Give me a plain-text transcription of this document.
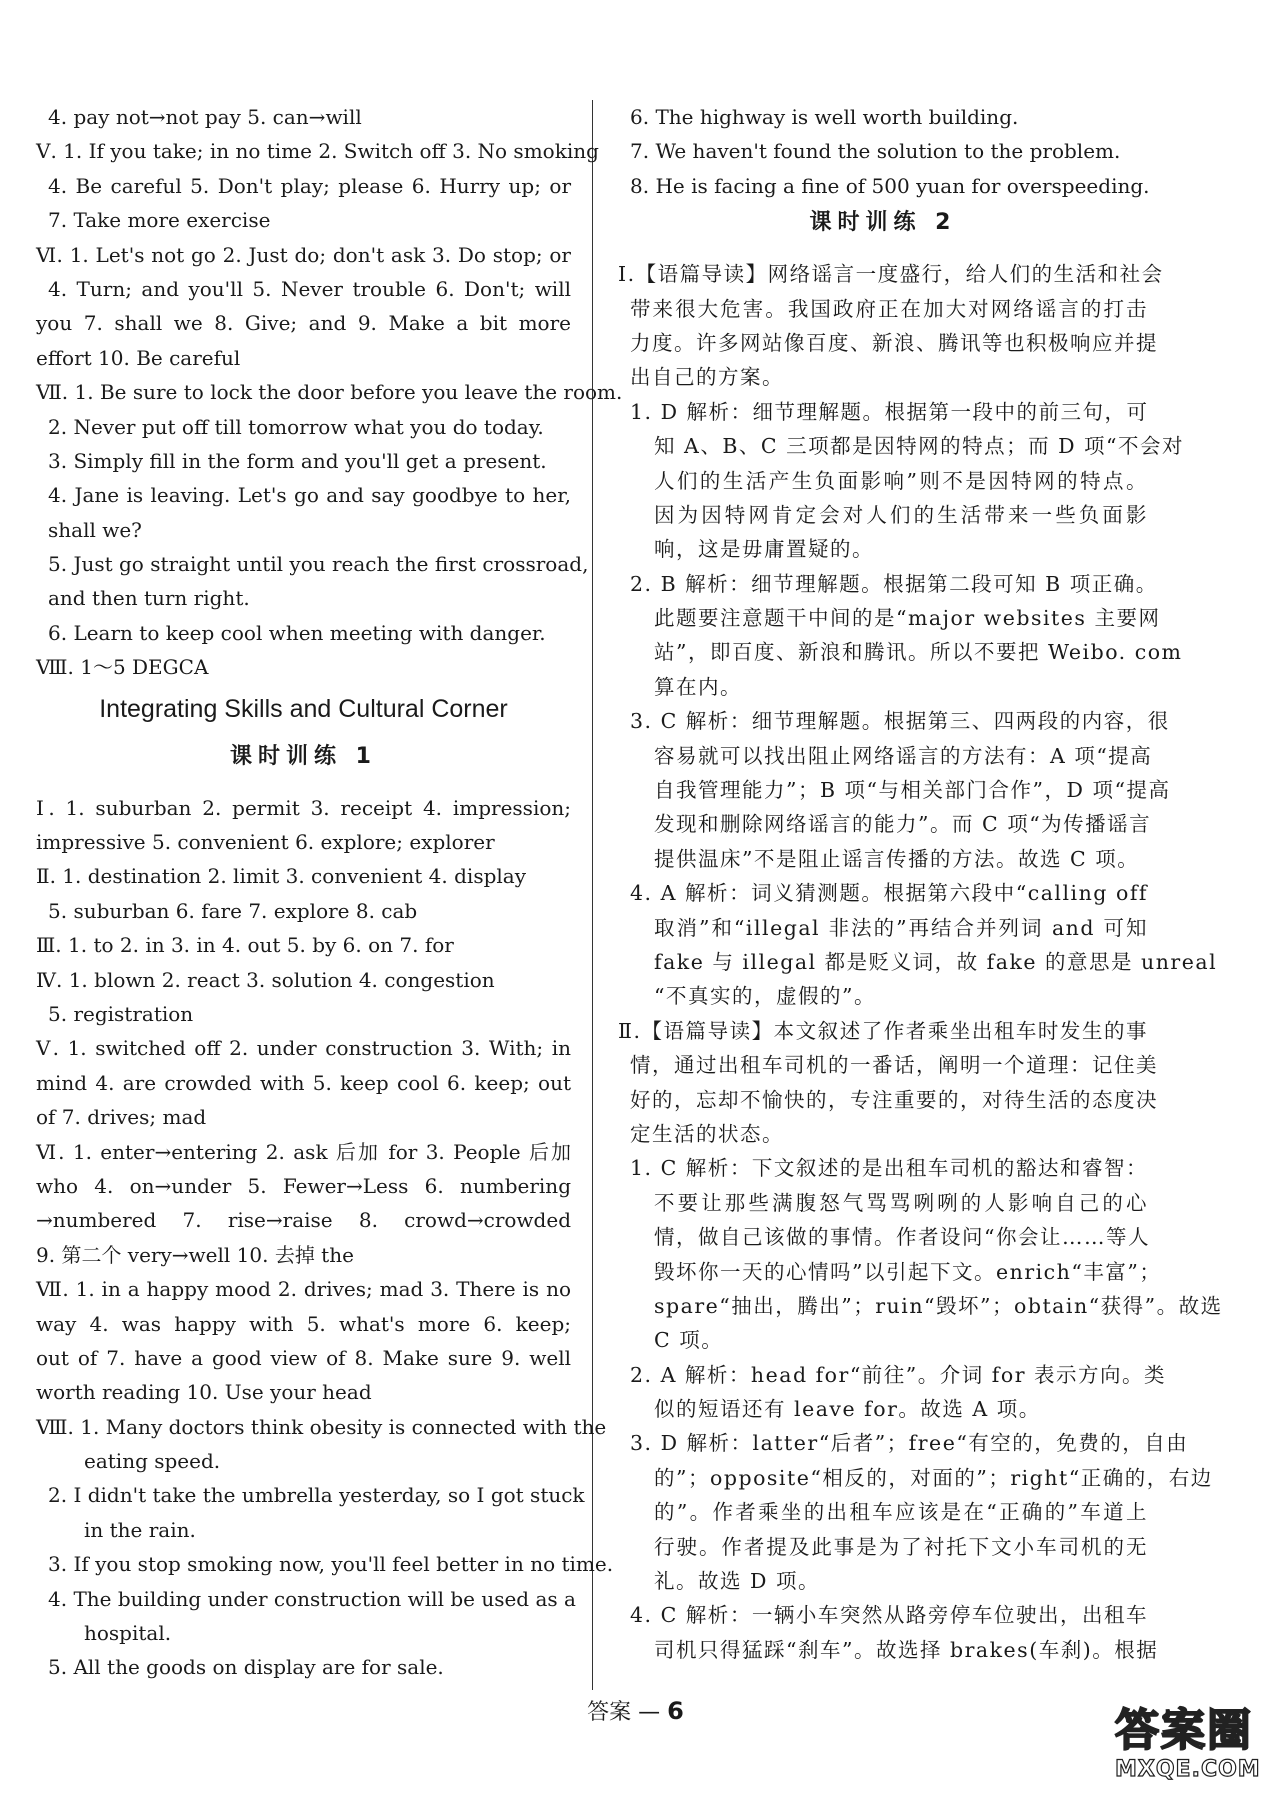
4. pay not→not pay 5. can→will
Ⅴ. 1. If you take; in no time 2. Switch off 3. No smoking
4. Be careful 5. Don't play; please 6. Hurry up; or
7. Take more exercise
Ⅵ. 1. Let's not go 2. Just do; don't ask 3. Do stop; or
4. Turn; and you'll 5. Never trouble 6. Don't; will
you 7. shall we 8. Give; and 9. Make a bit more
effort 10. Be careful
Ⅶ. 1. Be sure to lock the door before you leave the room.
2. Never put off till tomorrow what you do today.
3. Simply fill in the form and you'll get a present.
4. Jane is leaving. Let's go and say goodbye to her,
shall we?
5. Just go straight until you reach the first crossroad,
and then turn right.
6. Learn to keep cool when meeting with danger.
Ⅷ. 1～5 DEGCA
Integrating Skills and Cultural Corner
课时训练 1
Ⅰ. 1. suburban 2. permit 3. receipt 4. impression;
impressive 5. convenient 6. explore; explorer
Ⅱ. 1. destination 2. limit 3. convenient 4. display
5. suburban 6. fare 7. explore 8. cab
Ⅲ. 1. to 2. in 3. in 4. out 5. by 6. on 7. for
Ⅳ. 1. blown 2. react 3. solution 4. congestion
5. registration
Ⅴ. 1. switched off 2. under construction 3. With; in
mind 4. are crowded with 5. keep cool 6. keep; out
of 7. drives; mad
Ⅵ. 1. enter→entering 2. ask 后加 for 3. People 后加
who 4. on→under 5. Fewer→Less 6. numbering
→numbered 7. rise→raise 8. crowd→crowded
9. 第二个 very→well 10. 去掉 the
Ⅶ. 1. in a happy mood 2. drives; mad 3. There is no
way 4. was happy with 5. what's more 6. keep;
out of 7. have a good view of 8. Make sure 9. well
worth reading 10. Use your head
Ⅷ. 1. Many doctors think obesity is connected with the
eating speed.
2. I didn't take the umbrella yesterday, so I got stuck
in the rain.
3. If you stop smoking now, you'll feel better in no time.
4. The building under construction will be used as a
hospital.
5. All the goods on display are for sale.
6. The highway is well worth building.
7. We haven't found the solution to the problem.
8. He is facing a fine of 500 yuan for overspeeding.
课时训练 2
Ⅰ.【语篇导读】网络谣言一度盛行，给人们的生活和社会
带来很大危害。我国政府正在加大对网络谣言的打击
力度。许多网站像百度、新浪、腾讯等也积极响应并提
出自己的方案。
1. D 解析：细节理解题。根据第一段中的前三句，可
知 A、B、C 三项都是因特网的特点；而 D 项“不会对
人们的生活产生负面影响”则不是因特网的特点。
因为因特网肯定会对人们的生活带来一些负面影
响，这是毋庸置疑的。
2. B 解析：细节理解题。根据第二段可知 B 项正确。
此题要注意题干中间的是“major websites 主要网
站”，即百度、新浪和腾讯。所以不要把 Weibo. com
算在内。
3. C 解析：细节理解题。根据第三、四两段的内容，很
容易就可以找出阻止网络谣言的方法有：A 项“提高
自我管理能力”；B 项“与相关部门合作”，D 项“提高
发现和删除网络谣言的能力”。而 C 项“为传播谣言
提供温床”不是阻止谣言传播的方法。故选 C 项。
4. A 解析：词义猜测题。根据第六段中“calling off
取消”和“illegal 非法的”再结合并列词 and 可知
fake 与 illegal 都是贬义词，故 fake 的意思是 unreal
“不真实的，虚假的”。
Ⅱ.【语篇导读】本文叙述了作者乘坐出租车时发生的事
情，通过出租车司机的一番话，阐明一个道理：记住美
好的，忘却不愉快的，专注重要的，对待生活的态度决
定生活的状态。
1. C 解析：下文叙述的是出租车司机的豁达和睿智：
不要让那些满腹怒气骂骂咧咧的人影响自己的心
情，做自己该做的事情。作者设问“你会让……等人
毁坏你一天的心情吗”以引起下文。enrich“丰富”；
spare“抽出，腾出”；ruin“毁坏”；obtain“获得”。故选
C 项。
2. A 解析：head for“前往”。介词 for 表示方向。类
似的短语还有 leave for。故选 A 项。
3. D 解析：latter“后者”；free“有空的，免费的，自由
的”；opposite“相反的，对面的”；right“正确的，右边
的”。作者乘坐的出租车应该是在“正确的”车道上
行驶。作者提及此事是为了衬托下文小车司机的无
礼。故选 D 项。
4. C 解析：一辆小车突然从路旁停车位驶出，出租车
司机只得猛踩“刹车”。故选择 brakes(车刹)。根据
答案 — 6	答案圈
MXQE.COM
